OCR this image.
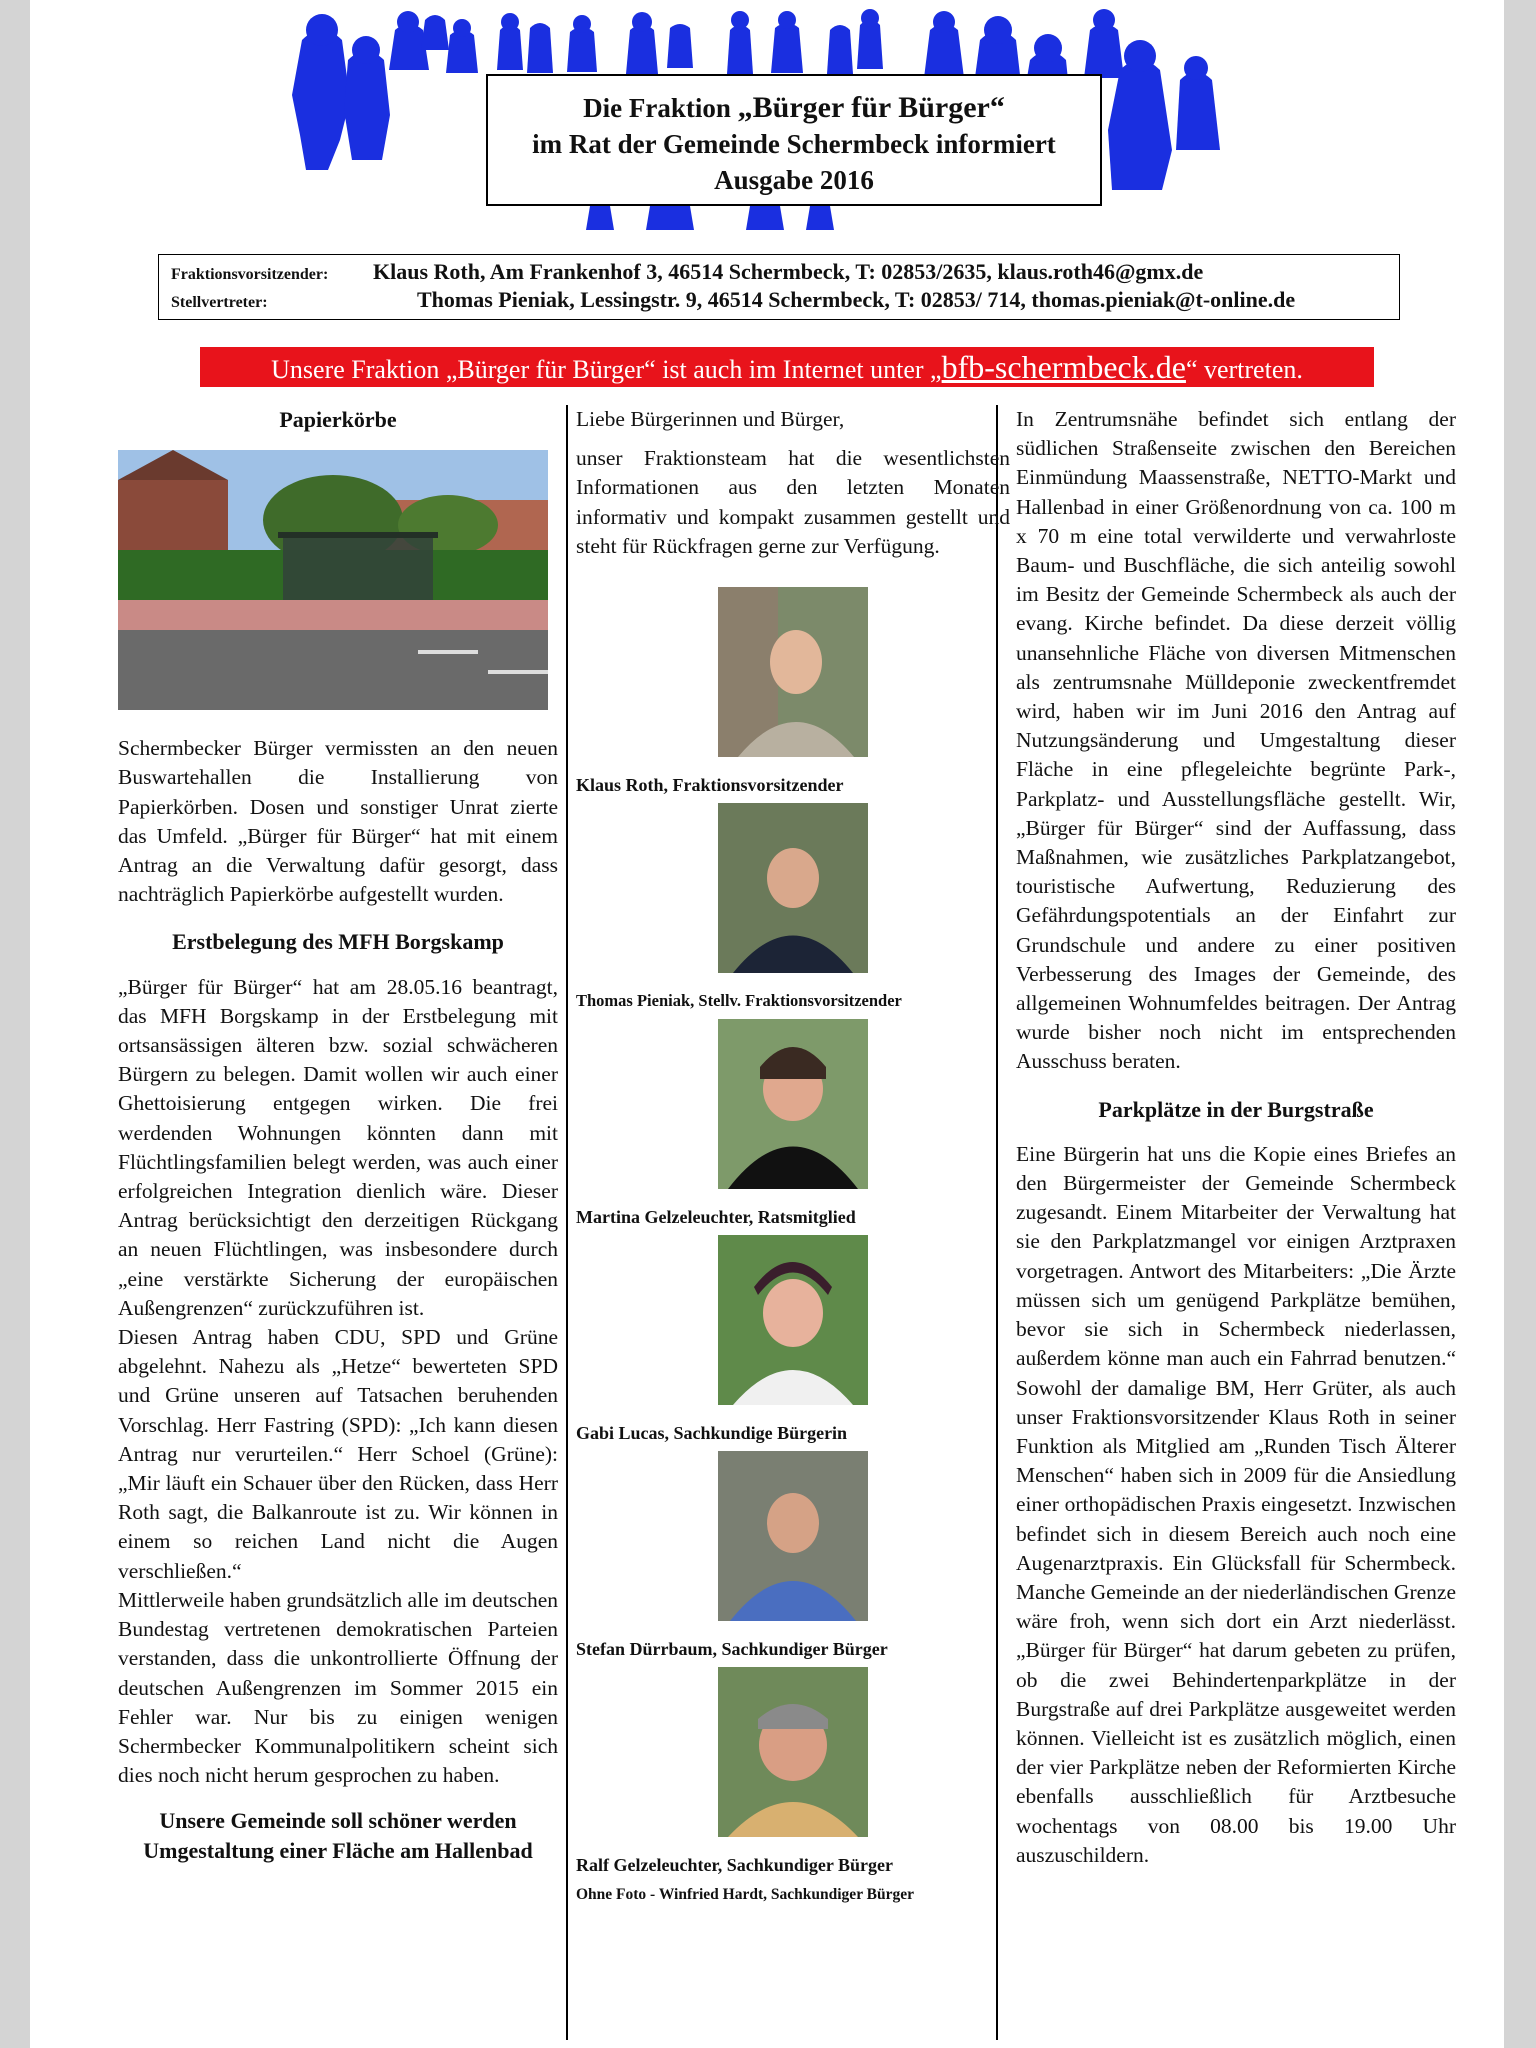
Die Fraktion „Bürger für Bürger“
im Rat der Gemeinde Schermbeck informiert
Ausgabe 2016
Fraktionsvorsitzender: Klaus Roth, Am Frankenhof 3, 46514 Schermbeck, T: 02853/2635, klaus.roth46@gmx.de
Stellvertreter:	Thomas Pieniak, Lessingstr. 9, 46514 Schermbeck, T: 02853/ 714, thomas.pieniak@t-online.de
Unsere Fraktion „Bürger für Bürger“ ist auch im Internet unter „bfb-schermbeck.de“ vertreten.
Papierkörbe

Schermbecker Bürger vermissten an den neuen Buswartehallen die Installierung von Papierkörben. Dosen und sonstiger Unrat zierte das Umfeld. „Bürger für Bürger“ hat mit einem Antrag an die Verwaltung dafür gesorgt, dass nachträglich Papierkörbe aufgestellt wurden.

Erstbelegung des MFH Borgskamp

„Bürger für Bürger“ hat am 28.05.16 beantragt, das MFH Borgskamp in der Erstbelegung mit ortsansässigen älteren bzw. sozial schwächeren Bürgern zu belegen. Damit wollen wir auch einer Ghettoisierung entgegen wirken. Die frei werdenden Wohnungen könnten dann mit Flüchtlingsfamilien belegt werden, was auch einer erfolgreichen Integration dienlich wäre. Dieser Antrag berücksichtigt den derzeitigen Rückgang an neuen Flüchtlingen, was insbesondere durch „eine verstärkte Sicherung der europäischen Außengrenzen“ zurückzuführen ist.

Diesen Antrag haben CDU, SPD und Grüne abgelehnt. Nahezu als „Hetze“ bewerteten SPD und Grüne unseren auf Tatsachen beruhenden Vorschlag. Herr Fastring (SPD): „Ich kann diesen Antrag nur verurteilen.“ Herr Schoel (Grüne): „Mir läuft ein Schauer über den Rücken, dass Herr Roth sagt, die Balkanroute ist zu. Wir können in einem so reichen Land nicht die Augen verschließen.“

Mittlerweile haben grundsätzlich alle im deutschen Bundestag vertretenen demokratischen Parteien verstanden, dass die unkontrollierte Öffnung der deutschen Außengrenzen im Sommer 2015 ein Fehler war. Nur bis zu einigen wenigen Schermbecker Kommunalpolitikern scheint sich dies noch nicht herum gesprochen zu haben.

Unsere Gemeinde soll schöner werden
Umgestaltung einer Fläche am Hallenbad

Liebe Bürgerinnen und Bürger,

unser Fraktionsteam hat die wesentlichsten Informationen aus den letzten Monaten informativ und kompakt zusammen gestellt und steht für Rückfragen gerne zur Verfügung.

Klaus Roth, Fraktionsvorsitzender

Thomas Pieniak, Stellv. Fraktionsvorsitzender

Martina Gelzeleuchter, Ratsmitglied

Gabi Lucas, Sachkundige Bürgerin

Stefan Dürrbaum, Sachkundiger Bürger

Ralf Gelzeleuchter, Sachkundiger Bürger

Ohne Foto - Winfried Hardt, Sachkundiger Bürger

In Zentrumsnähe befindet sich entlang der südlichen Straßenseite zwischen den Bereichen Einmündung Maassenstraße, NETTO-Markt und Hallenbad in einer Größenordnung von ca. 100 m x 70 m eine total verwilderte und verwahrloste Baum- und Buschfläche, die sich anteilig sowohl im Besitz der Gemeinde Schermbeck als auch der evang. Kirche befindet. Da diese derzeit völlig unansehnliche Fläche von diversen Mitmenschen als zentrumsnahe Mülldeponie zweckentfremdet wird, haben wir im Juni 2016 den Antrag auf Nutzungsänderung und Umgestaltung dieser Fläche in eine pflegeleichte begrünte Park-, Parkplatz- und Ausstellungsfläche gestellt. Wir, „Bürger für Bürger“ sind der Auffassung, dass Maßnahmen, wie zusätzliches Parkplatzangebot, touristische Aufwertung, Reduzierung des Gefährdungspotentials an der Einfahrt zur Grundschule und andere zu einer positiven Verbesserung des Images der Gemeinde, des allgemeinen Wohnumfeldes beitragen. Der Antrag wurde bisher noch nicht im entsprechenden Ausschuss beraten.

Parkplätze in der Burgstraße

Eine Bürgerin hat uns die Kopie eines Briefes an den Bürgermeister der Gemeinde Schermbeck zugesandt. Einem Mitarbeiter der Verwaltung hat sie den Parkplatzmangel vor einigen Arztpraxen vorgetragen. Antwort des Mitarbeiters: „Die Ärzte müssen sich um genügend Parkplätze bemühen, bevor sie sich in Schermbeck niederlassen, außerdem könne man auch ein Fahrrad benutzen.“ Sowohl der damalige BM, Herr Grüter, als auch unser Fraktionsvorsitzender Klaus Roth in seiner Funktion als Mitglied am „Runden Tisch Älterer Menschen“ haben sich in 2009 für die Ansiedlung einer orthopädischen Praxis eingesetzt. Inzwischen befindet sich in diesem Bereich auch noch eine Augenarztpraxis. Ein Glücksfall für Schermbeck. Manche Gemeinde an der niederländischen Grenze wäre froh, wenn sich dort ein Arzt niederlässt. „Bürger für Bürger“ hat darum gebeten zu prüfen, ob die zwei Behindertenparkplätze in der Burgstraße auf drei Parkplätze ausgeweitet werden können. Vielleicht ist es zusätzlich möglich, einen der vier Parkplätze neben der Reformierten Kirche ebenfalls ausschließlich für Arztbesuche wochentags von 08.00 bis 19.00 Uhr auszuschildern.
